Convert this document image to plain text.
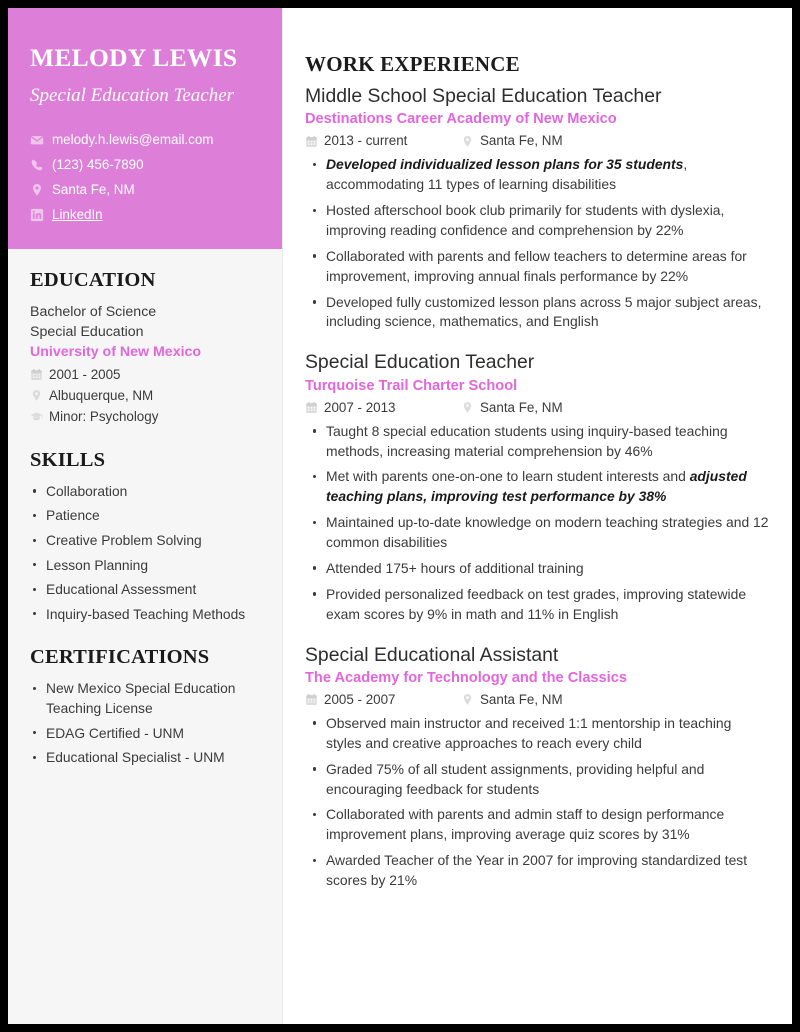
MELODY LEWIS
Special Education Teacher
melody.h.lewis@email.com
(123) 456-7890
Santa Fe, NM
LinkedIn
EDUCATION
Bachelor of Science
Special Education
University of New Mexico
2001 - 2005
Albuquerque, NM
Minor: Psychology
SKILLS
Collaboration
Patience
Creative Problem Solving
Lesson Planning
Educational Assessment
Inquiry-based Teaching Methods
CERTIFICATIONS
New Mexico Special Education Teaching License
EDAG Certified - UNM
Educational Specialist - UNM
WORK EXPERIENCE
Middle School Special Education Teacher
Destinations Career Academy of New Mexico
2013 - current	Santa Fe, NM
Developed individualized lesson plans for 35 students, accommodating 11 types of learning disabilities
Hosted afterschool book club primarily for students with dyslexia, improving reading confidence and comprehension by 22%
Collaborated with parents and fellow teachers to determine areas for improvement, improving annual finals performance by 22%
Developed fully customized lesson plans across 5 major subject areas, including science, mathematics, and English
Special Education Teacher
Turquoise Trail Charter School
2007 - 2013	Santa Fe, NM
Taught 8 special education students using inquiry-based teaching methods, increasing material comprehension by 46%
Met with parents one-on-one to learn student interests and adjusted teaching plans, improving test performance by 38%
Maintained up-to-date knowledge on modern teaching strategies and 12 common disabilities
Attended 175+ hours of additional training
Provided personalized feedback on test grades, improving statewide exam scores by 9% in math and 11% in English
Special Educational Assistant
The Academy for Technology and the Classics
2005 - 2007	Santa Fe, NM
Observed main instructor and received 1:1 mentorship in teaching styles and creative approaches to reach every child
Graded 75% of all student assignments, providing helpful and encouraging feedback for students
Collaborated with parents and admin staff to design performance improvement plans, improving average quiz scores by 31%
Awarded Teacher of the Year in 2007 for improving standardized test scores by 21%
